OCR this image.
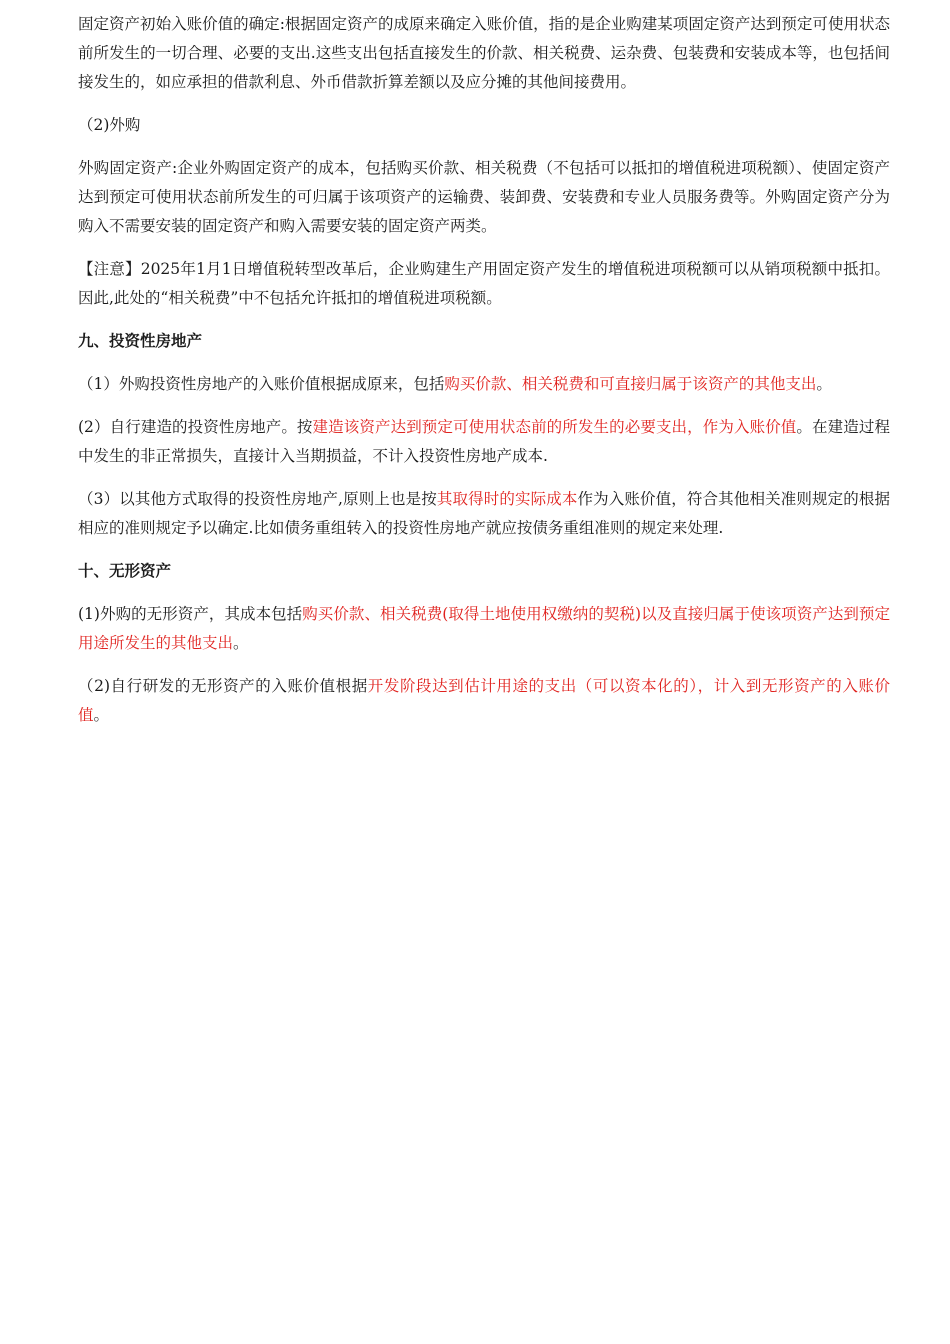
固定资产初始入账价值的确定:根据固定资产的成原来确定入账价值，指的是企业购建某项固定资产达到预定可使用状态前所发生的一切合理、必要的支出.这些支出包括直接发生的价款、相关税费、运杂费、包装费和安装成本等，也包括间接发生的，如应承担的借款利息、外币借款折算差额以及应分摊的其他间接费用。

（2)外购

外购固定资产:企业外购固定资产的成本，包括购买价款、相关税费（不包括可以抵扣的增值税进项税额）、使固定资产达到预定可使用状态前所发生的可归属于该项资产的运输费、装卸费、安装费和专业人员服务费等。外购固定资产分为购入不需要安装的固定资产和购入需要安装的固定资产两类。

【注意】2025年1月1日增值税转型改革后，企业购建生产用固定资产发生的增值税进项税额可以从销项税额中抵扣。因此,此处的“相关税费”中不包括允许抵扣的增值税进项税额。

九、投资性房地产

（1）外购投资性房地产的入账价值根据成原来，包括购买价款、相关税费和可直接归属于该资产的其他支出。

(2）自行建造的投资性房地产。按建造该资产达到预定可使用状态前的所发生的必要支出，作为入账价值。在建造过程中发生的非正常损失，直接计入当期损益，不计入投资性房地产成本.

（3）以其他方式取得的投资性房地产,原则上也是按其取得时的实际成本作为入账价值，符合其他相关准则规定的根据相应的准则规定予以确定.比如债务重组转入的投资性房地产就应按债务重组准则的规定来处理.

十、无形资产

(1)外购的无形资产，其成本包括购买价款、相关税费(取得土地使用权缴纳的契税)以及直接归属于使该项资产达到预定用途所发生的其他支出。

（2)自行研发的无形资产的入账价值根据开发阶段达到估计用途的支出（可以资本化的），计入到无形资产的入账价值。
